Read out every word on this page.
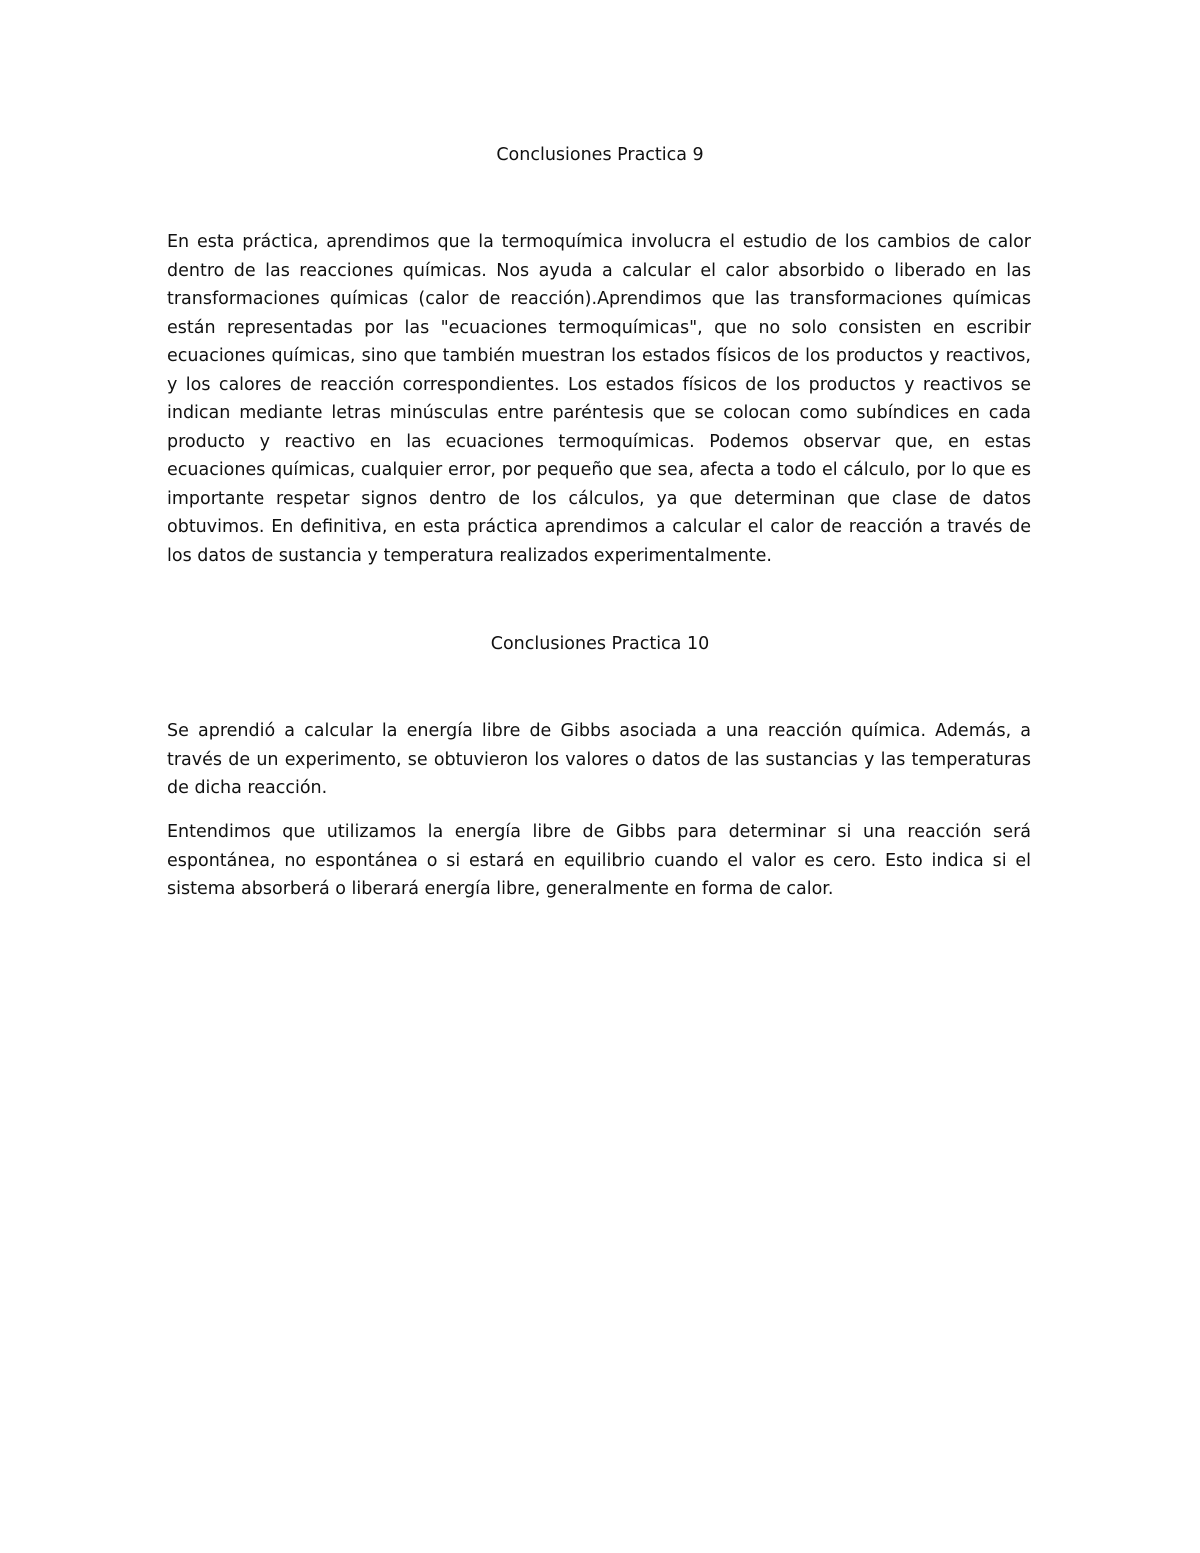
Conclusiones Practica 9

En esta práctica, aprendimos que la termoquímica involucra el estudio de los cambios de calor dentro de las reacciones químicas. Nos ayuda a calcular el calor absorbido o liberado en las transformaciones químicas (calor de reacción).Aprendimos que las transformaciones químicas están representadas por las "ecuaciones termoquímicas", que no solo consisten en escribir ecuaciones químicas, sino que también muestran los estados físicos de los productos y reactivos, y los calores de reacción correspondientes. Los estados físicos de los productos y reactivos se indican mediante letras minúsculas entre paréntesis que se colocan como subíndices en cada producto y reactivo en las ecuaciones termoquímicas. Podemos observar que, en estas ecuaciones químicas, cualquier error, por pequeño que sea, afecta a todo el cálculo, por lo que es importante respetar signos dentro de los cálculos, ya que determinan que clase de datos obtuvimos. En definitiva, en esta práctica aprendimos a calcular el calor de reacción a través de los datos de sustancia y temperatura realizados experimentalmente.

Conclusiones Practica 10

Se aprendió a calcular la energía libre de Gibbs asociada a una reacción química. Además, a través de un experimento, se obtuvieron los valores o datos de las sustancias y las temperaturas de dicha reacción.

Entendimos que utilizamos la energía libre de Gibbs para determinar si una reacción será espontánea, no espontánea o si estará en equilibrio cuando el valor es cero. Esto indica si el sistema absorberá o liberará energía libre, generalmente en forma de calor.
